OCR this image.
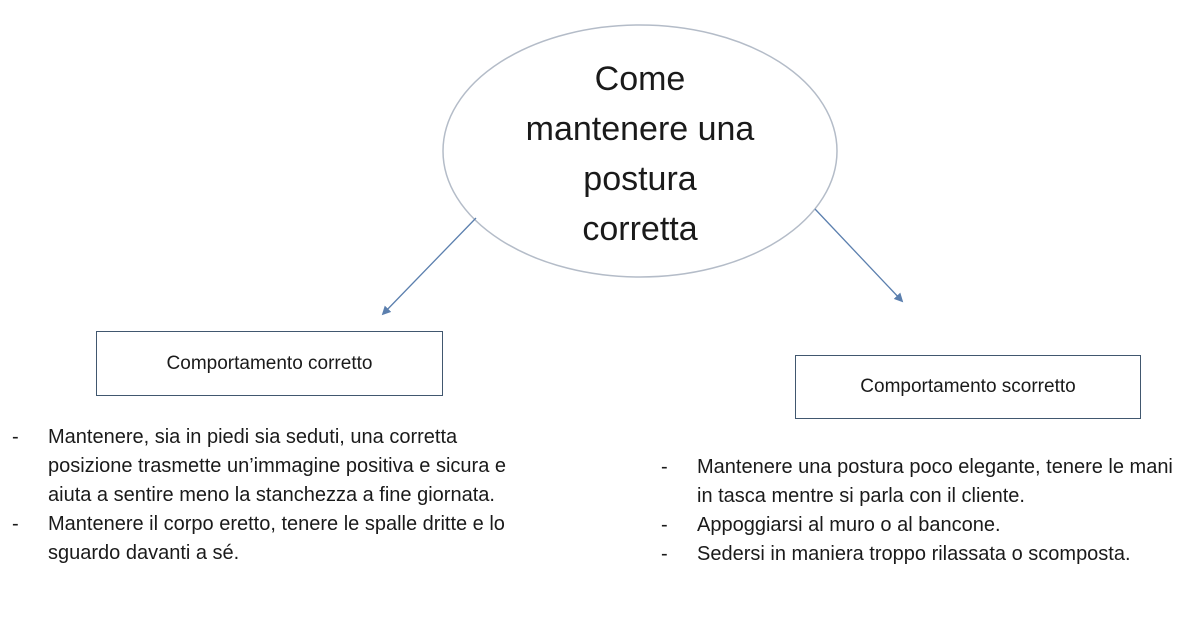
Come
mantenere una
postura
corretta
Comportamento corretto
Comportamento scorretto
- Mantenere, sia in piedi sia seduti, una corretta posizione trasmette un’immagine positiva e sicura e aiuta a sentire meno la stanchezza a fine giornata.
- Mantenere il corpo eretto, tenere le spalle dritte e lo sguardo davanti a sé.
- Mantenere una postura poco elegante, tenere le mani in tasca mentre si parla con il cliente.
- Appoggiarsi al muro o al bancone.
- Sedersi in maniera troppo rilassata o scomposta.
